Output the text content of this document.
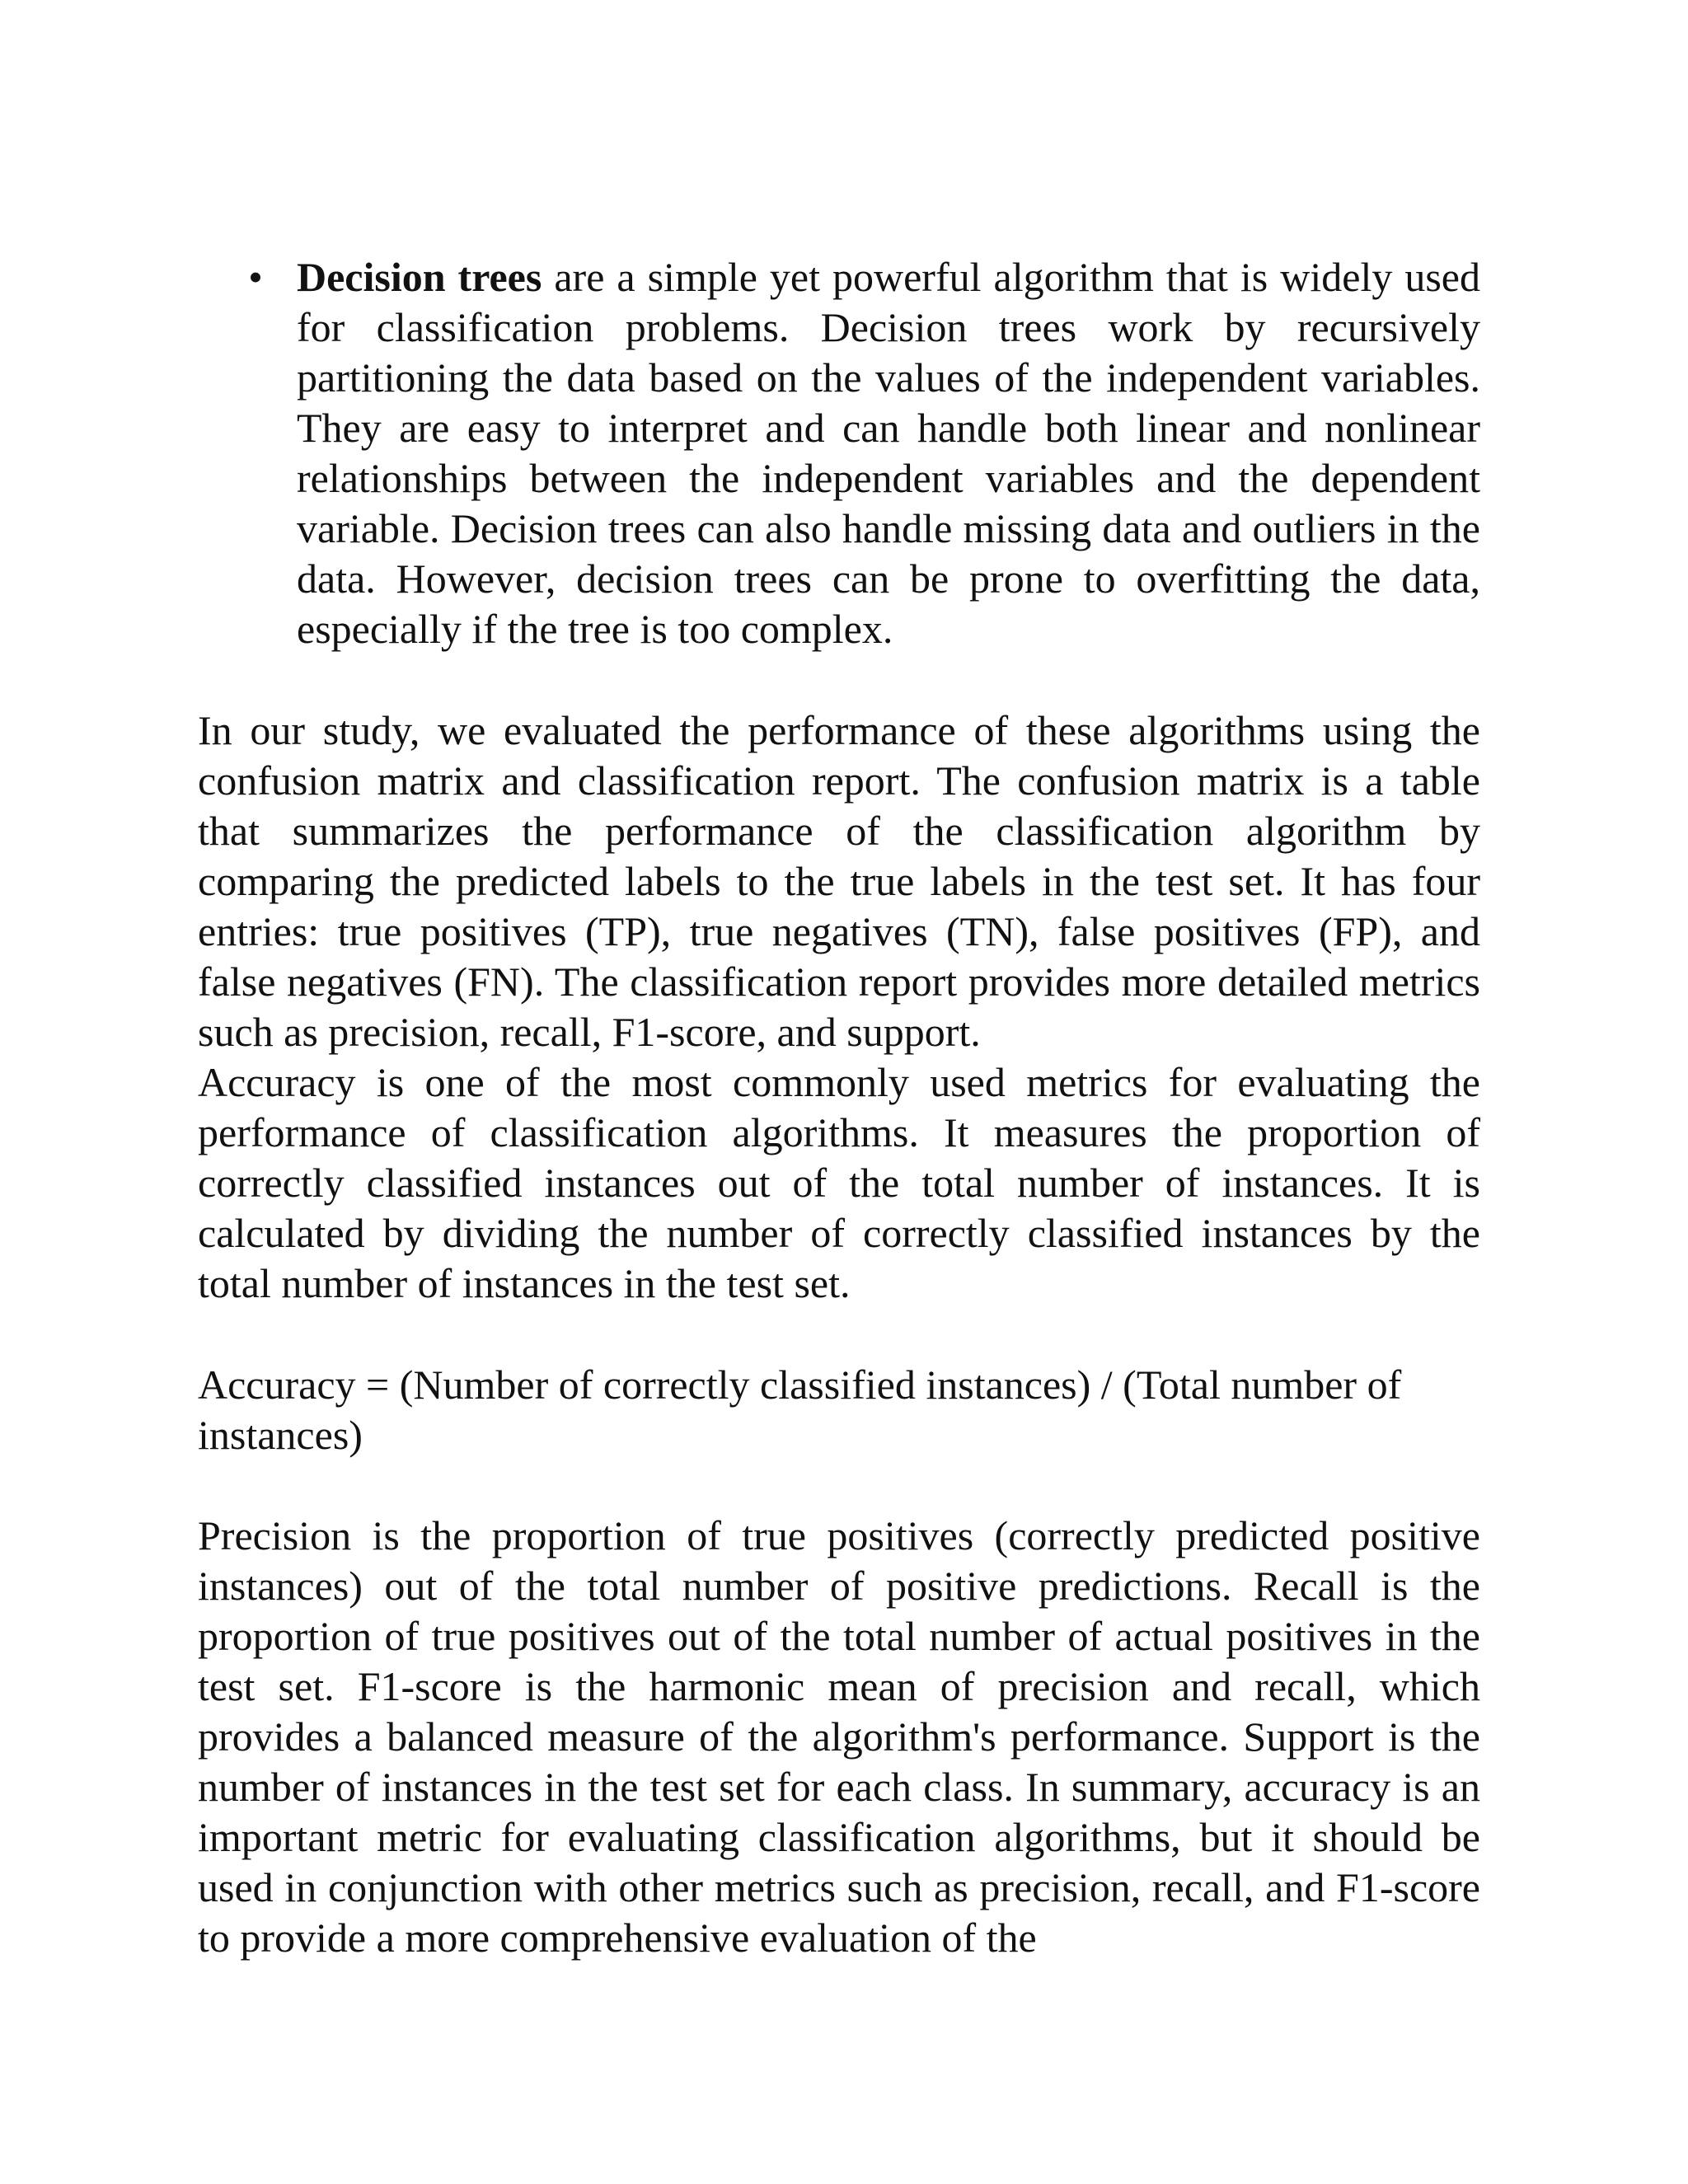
• Decision trees are a simple yet powerful algorithm that is widely used for classification problems. Decision trees work by recursively partitioning the data based on the values of the independent variables. They are easy to interpret and can handle both linear and nonlinear relationships between the independent variables and the dependent variable. Decision trees can also handle missing data and outliers in the data. However, decision trees can be prone to overfitting the data, especially if the tree is too complex.
In our study, we evaluated the performance of these algorithms using the confusion matrix and classification report. The confusion matrix is a table that summarizes the performance of the classification algorithm by comparing the predicted labels to the true labels in the test set. It has four entries: true positives (TP), true negatives (TN), false positives (FP), and false negatives (FN). The classification report provides more detailed metrics such as precision, recall, F1-score, and support.
Accuracy is one of the most commonly used metrics for evaluating the performance of classification algorithms. It measures the proportion of correctly classified instances out of the total number of instances. It is calculated by dividing the number of correctly classified instances by the total number of instances in the test set.
Accuracy = (Number of correctly classified instances) / (Total number of instances)
Precision is the proportion of true positives (correctly predicted positive instances) out of the total number of positive predictions. Recall is the proportion of true positives out of the total number of actual positives in the test set. F1-score is the harmonic mean of precision and recall, which provides a balanced measure of the algorithm's performance. Support is the number of instances in the test set for each class. In summary, accuracy is an important metric for evaluating classification algorithms, but it should be used in conjunction with other metrics such as precision, recall, and F1-score to provide a more comprehensive evaluation of the
